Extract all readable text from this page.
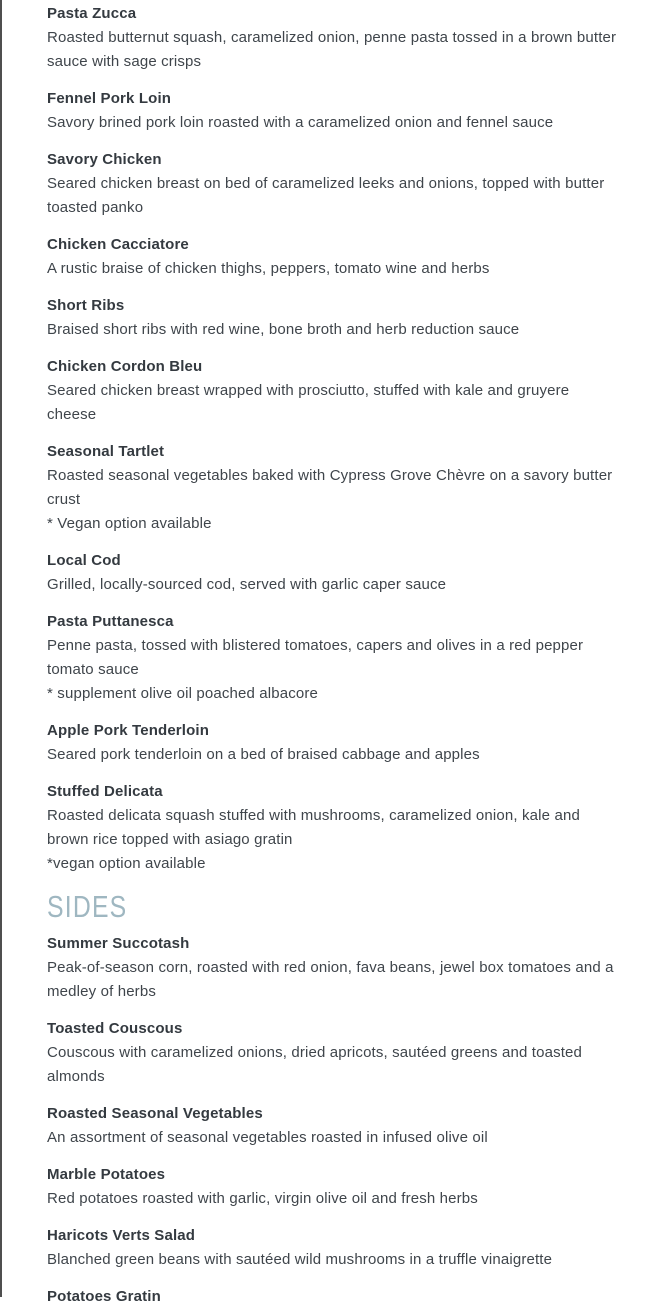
Pasta Zucca
Roasted butternut squash, caramelized onion, penne pasta tossed in a brown butter sauce with sage crisps
Fennel Pork Loin
Savory brined pork loin roasted with a caramelized onion and fennel sauce
Savory Chicken
Seared chicken breast on bed of caramelized leeks and onions, topped with butter toasted panko
Chicken Cacciatore
A rustic braise of chicken thighs, peppers, tomato wine and herbs
Short Ribs
Braised short ribs with red wine, bone broth and herb reduction sauce
Chicken Cordon Bleu
Seared chicken breast wrapped with prosciutto, stuffed with kale and gruyere cheese
Seasonal Tartlet
Roasted seasonal vegetables baked with Cypress Grove Chèvre on a savory butter crust
* Vegan option available
Local Cod
Grilled, locally-sourced cod, served with garlic caper sauce
Pasta Puttanesca
Penne pasta, tossed with blistered tomatoes, capers and olives in a red pepper tomato sauce
* supplement olive oil poached albacore
Apple Pork Tenderloin
Seared pork tenderloin on a bed of braised cabbage and apples
Stuffed Delicata
Roasted delicata squash stuffed with mushrooms, caramelized onion, kale and brown rice topped with asiago gratin
*vegan option available
SIDES
Summer Succotash
Peak-of-season corn, roasted with red onion, fava beans, jewel box tomatoes and a medley of herbs
Toasted Couscous
Couscous with caramelized onions, dried apricots, sautéed greens and toasted almonds
Roasted Seasonal Vegetables
An assortment of seasonal vegetables roasted in infused olive oil
Marble Potatoes
Red potatoes roasted with garlic, virgin olive oil and fresh herbs
Haricots Verts Salad
Blanched green beans with sautéed wild mushrooms in a truffle vinaigrette
Potatoes Gratin
